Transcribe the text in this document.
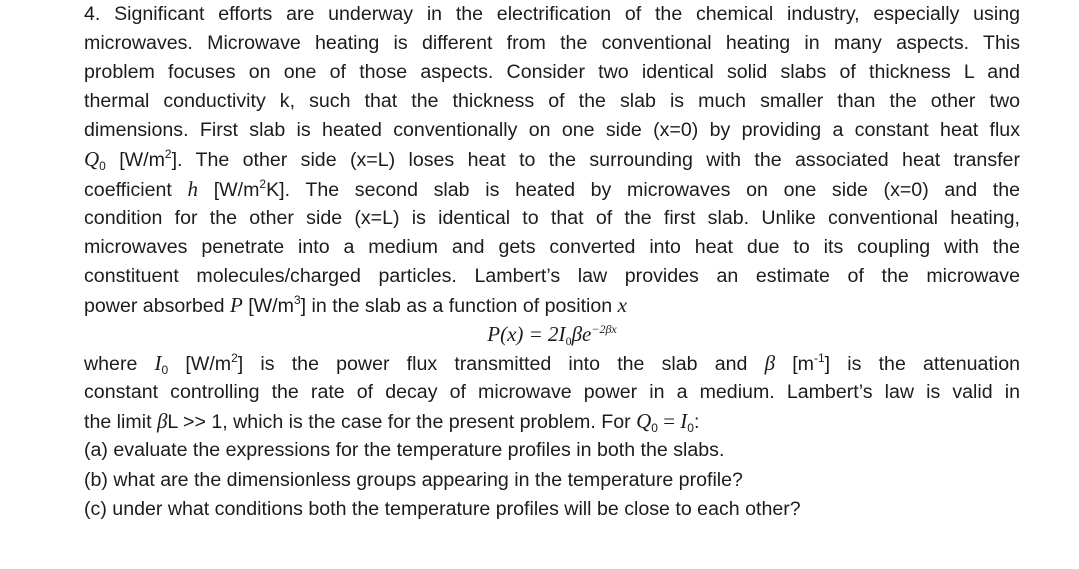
4. Significant efforts are underway in the electrification of the chemical industry, especially using
microwaves. Microwave heating is different from the conventional heating in many aspects. This
problem focuses on one of those aspects. Consider two identical solid slabs of thickness L and
thermal conductivity k, such that the thickness of the slab is much smaller than the other two
dimensions. First slab is heated conventionally on one side (x=0) by providing a constant heat flux
$Q_0$ $[W/m^2]$. The other side (x=L) loses heat to the surrounding with the associated heat transfer
coefficient h $[W/m^2K]$. The second slab is heated by microwaves on one side (x=0) and the
condition for the other side (x=L) is identical to that of the first slab. Unlike conventional heating,
microwaves penetrate into a medium and gets converted into heat due to its coupling with the
constituent molecules/charged particles. Lambert’s law provides an estimate of the microwave
power absorbed P $[W/m^3]$ in the slab as a function of position x
$P(x) = 2I_0\beta e^{-2\beta x}$
where $I_0$ $[W/m^2]$ is the power flux transmitted into the slab and β $[m^{-1}]$ is the attenuation
constant controlling the rate of decay of microwave power in a medium. Lambert’s law is valid in
the limit βL >> 1, which is the case for the present problem. For $Q_0 = I_0$:
(a) evaluate the expressions for the temperature profiles in both the slabs.
(b) what are the dimensionless groups appearing in the temperature profile?
(c) under what conditions both the temperature profiles will be close to each other?
